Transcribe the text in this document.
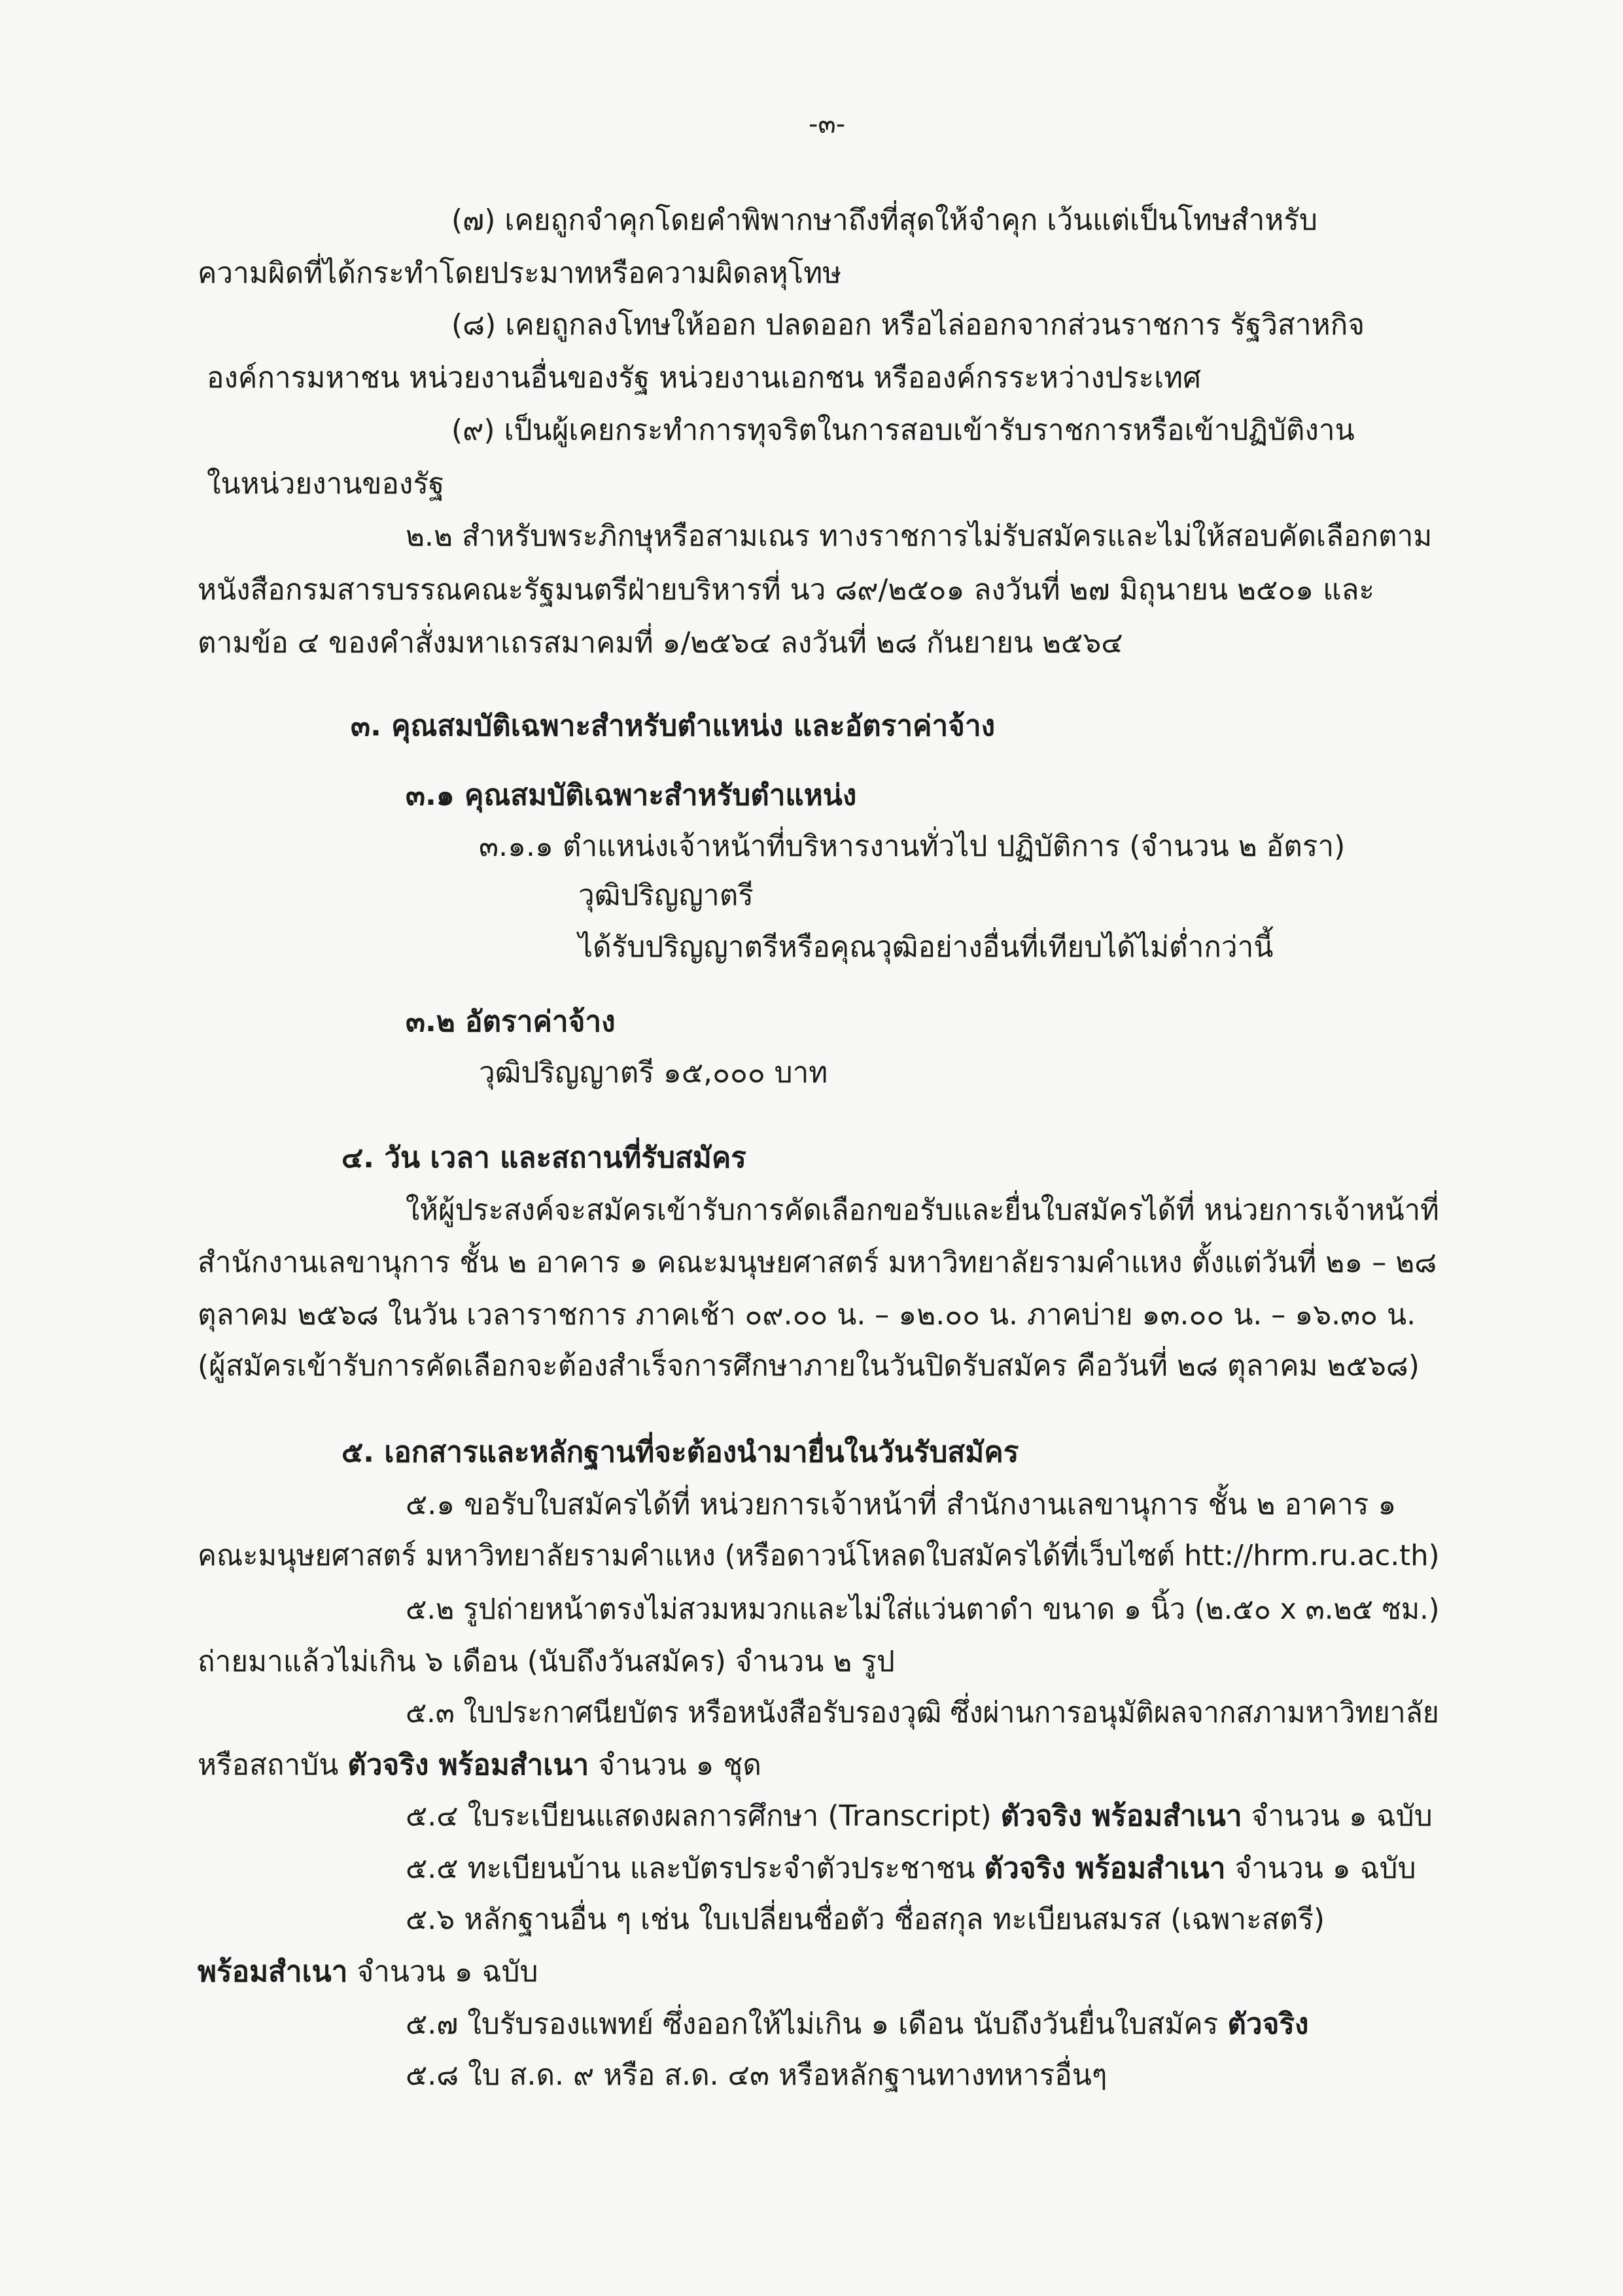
-๓-

(๗) เคยถูกจำคุกโดยคำพิพากษาถึงที่สุดให้จำคุก เว้นแต่เป็นโทษสำหรับ

ความผิดที่ได้กระทำโดยประมาทหรือความผิดลหุโทษ

(๘) เคยถูกลงโทษให้ออก ปลดออก หรือไล่ออกจากส่วนราชการ รัฐวิสาหกิจ

องค์การมหาชน หน่วยงานอื่นของรัฐ หน่วยงานเอกชน หรือองค์กรระหว่างประเทศ

(๙) เป็นผู้เคยกระทำการทุจริตในการสอบเข้ารับราชการหรือเข้าปฏิบัติงาน

ในหน่วยงานของรัฐ

๒.๒ สำหรับพระภิกษุหรือสามเณร ทางราชการไม่รับสมัครและไม่ให้สอบคัดเลือกตาม

หนังสือกรมสารบรรณคณะรัฐมนตรีฝ่ายบริหารที่ นว ๘๙/๒๕๐๑ ลงวันที่ ๒๗ มิถุนายน ๒๕๐๑ และ

ตามข้อ ๔ ของคำสั่งมหาเถรสมาคมที่ ๑/๒๕๖๔ ลงวันที่ ๒๘ กันยายน ๒๕๖๔

๓. คุณสมบัติเฉพาะสำหรับตำแหน่ง และอัตราค่าจ้าง

๓.๑ คุณสมบัติเฉพาะสำหรับตำแหน่ง

๓.๑.๑ ตำแหน่งเจ้าหน้าที่บริหารงานทั่วไป ปฏิบัติการ (จำนวน ๒ อัตรา)

วุฒิปริญญาตรี

ได้รับปริญญาตรีหรือคุณวุฒิอย่างอื่นที่เทียบได้ไม่ต่ำกว่านี้

๓.๒ อัตราค่าจ้าง

วุฒิปริญญาตรี ๑๕,๐๐๐ บาท

๔. วัน เวลา และสถานที่รับสมัคร

ให้ผู้ประสงค์จะสมัครเข้ารับการคัดเลือกขอรับและยื่นใบสมัครได้ที่ หน่วยการเจ้าหน้าที่

สำนักงานเลขานุการ ชั้น ๒ อาคาร ๑ คณะมนุษยศาสตร์ มหาวิทยาลัยรามคำแหง ตั้งแต่วันที่ ๒๑ – ๒๘

ตุลาคม ๒๕๖๘ ในวัน เวลาราชการ ภาคเช้า ๐๙.๐๐ น. – ๑๒.๐๐ น. ภาคบ่าย ๑๓.๐๐ น. – ๑๖.๓๐ น.

(ผู้สมัครเข้ารับการคัดเลือกจะต้องสำเร็จการศึกษาภายในวันปิดรับสมัคร คือวันที่ ๒๘ ตุลาคม ๒๕๖๘)

๕. เอกสารและหลักฐานที่จะต้องนำมายื่นในวันรับสมัคร

๕.๑ ขอรับใบสมัครได้ที่ หน่วยการเจ้าหน้าที่ สำนักงานเลขานุการ ชั้น ๒ อาคาร ๑

คณะมนุษยศาสตร์ มหาวิทยาลัยรามคำแหง (หรือดาวน์โหลดใบสมัครได้ที่เว็บไซต์ htt://hrm.ru.ac.th)

๕.๒ รูปถ่ายหน้าตรงไม่สวมหมวกและไม่ใส่แว่นตาดำ ขนาด ๑ นิ้ว (๒.๕๐ x ๓.๒๕ ซม.)

ถ่ายมาแล้วไม่เกิน ๖ เดือน (นับถึงวันสมัคร) จำนวน ๒ รูป

๕.๓ ใบประกาศนียบัตร หรือหนังสือรับรองวุฒิ ซึ่งผ่านการอนุมัติผลจากสภามหาวิทยาลัย

หรือสถาบัน ตัวจริง พร้อมสำเนา จำนวน ๑ ชุด

๕.๔ ใบระเบียนแสดงผลการศึกษา (Transcript) ตัวจริง พร้อมสำเนา จำนวน ๑ ฉบับ

๕.๕ ทะเบียนบ้าน และบัตรประจำตัวประชาชน ตัวจริง พร้อมสำเนา จำนวน ๑ ฉบับ

๕.๖ หลักฐานอื่น ๆ เช่น ใบเปลี่ยนชื่อตัว ชื่อสกุล ทะเบียนสมรส (เฉพาะสตรี)

พร้อมสำเนา จำนวน ๑ ฉบับ

๕.๗ ใบรับรองแพทย์ ซึ่งออกให้ไม่เกิน ๑ เดือน นับถึงวันยื่นใบสมัคร ตัวจริง

๕.๘ ใบ ส.ด. ๙ หรือ ส.ด. ๔๓ หรือหลักฐานทางทหารอื่นๆ
